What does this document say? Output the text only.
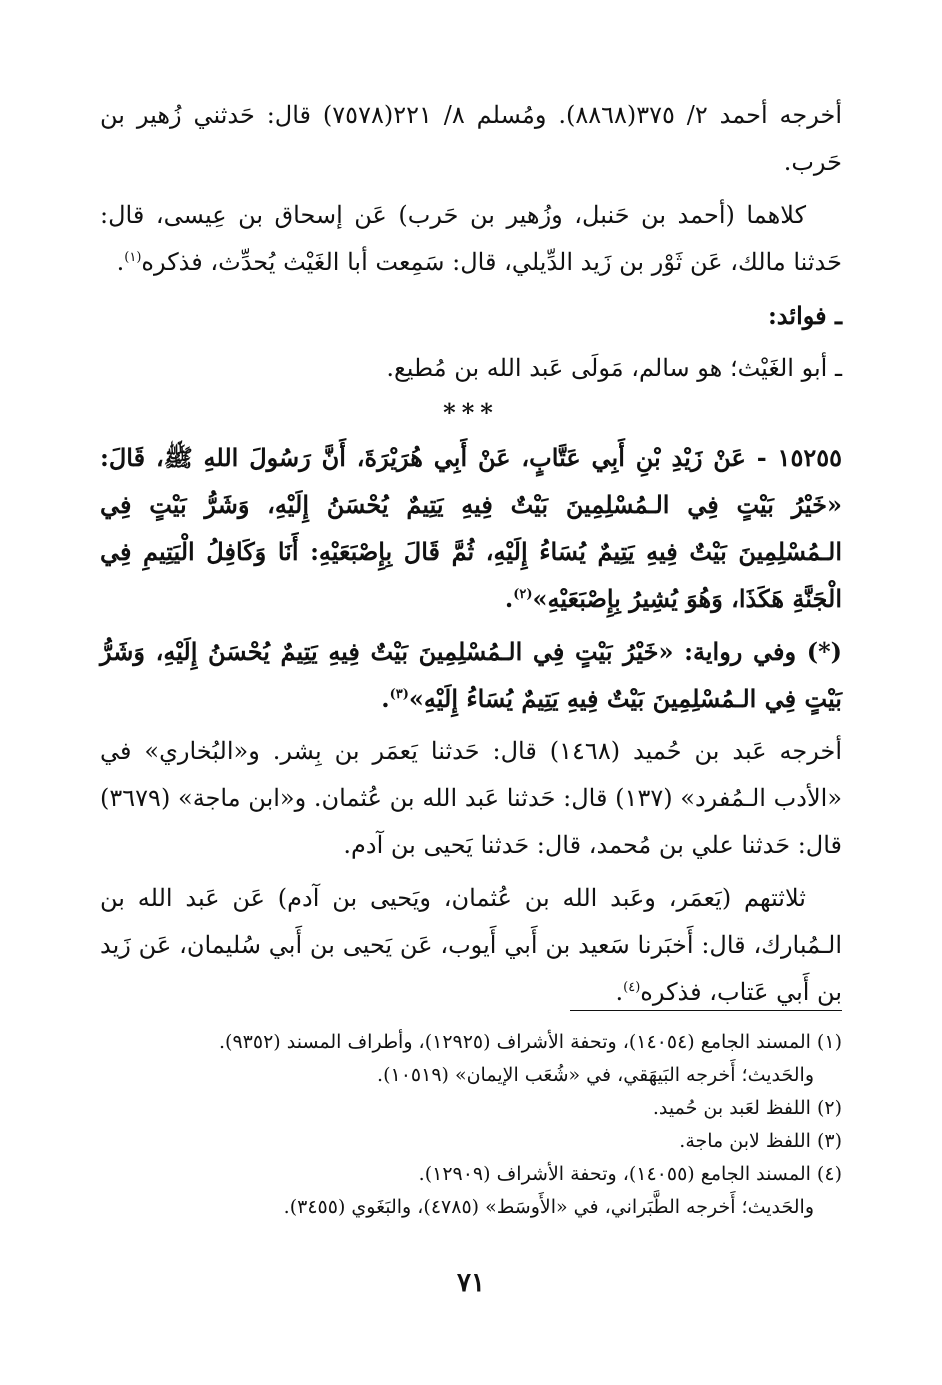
أخرجه أحمد ٢/ ٣٧٥(٨٨٦٨). ومُسلم ٨/ ٢٢١(٧٥٧٨) قال: حَدثني زُهير بن حَرب.

كلاهما (أحمد بن حَنبل، وزُهير بن حَرب) عَن إسحاق بن عِيسى، قال: حَدثنا مالك، عَن ثَوْر بن زَيد الدِّيلي، قال: سَمِعت أبا الغَيْث يُحدِّث، فذكره$^{(١)}$.

ـ فوائد:

ـ أبو الغَيْث؛ هو سالم، مَولَى عَبد الله بن مُطيع.

***

١٥٢٥٥ - عَنْ زَيْدِ بْنِ أَبِي عَتَّابٍ، عَنْ أَبِي هُرَيْرَةَ، أَنَّ رَسُولَ اللهِ ﷺ، قَالَ: «خَيْرُ بَيْتٍ فِي الـمُسْلِمِينَ بَيْتٌ فِيهِ يَتِيمٌ يُحْسَنُ إِلَيْهِ، وَشَرُّ بَيْتٍ فِي الـمُسْلِمِينَ بَيْتٌ فِيهِ يَتِيمٌ يُسَاءُ إِلَيْهِ، ثُمَّ قَالَ بِإِصْبَعَيْهِ: أَنَا وَكَافِلُ الْيَتِيمِ فِي الْجَنَّةِ هَكَذَا، وَهُوَ يُشِيرُ بِإِصْبَعَيْهِ»$^{(٢)}$.

(*) وفي رواية: «خَيْرُ بَيْتٍ فِي الـمُسْلِمِينَ بَيْتٌ فِيهِ يَتِيمٌ يُحْسَنُ إِلَيْهِ، وَشَرُّ بَيْتٍ فِي الـمُسْلِمِينَ بَيْتٌ فِيهِ يَتِيمٌ يُسَاءُ إِلَيْهِ»$^{(٣)}$.

أخرجه عَبد بن حُميد (١٤٦٨) قال: حَدثنا يَعمَر بن بِشر. و«البُخاري» في «الأدب الـمُفرد» (١٣٧) قال: حَدثنا عَبد الله بن عُثمان. و«ابن ماجة» (٣٦٧٩) قال: حَدثنا علي بن مُحمد، قال: حَدثنا يَحيى بن آدم.

ثلاثتهم (يَعمَر، وعَبد الله بن عُثمان، ويَحيى بن آدم) عَن عَبد الله بن الـمُبارك، قال: أَخبَرنا سَعيد بن أَبي أَيوب، عَن يَحيى بن أَبي سُليمان، عَن زَيد بن أَبي عَتاب، فذكره$^{(٤)}$.

(١) المسند الجامع (١٤٠٥٤)، وتحفة الأشراف (١٢٩٢٥)، وأطراف المسند (٩٣٥٢).

والحَديث؛ أَخرجه البَيهَقي، في «شُعَب الإيمان» (١٠٥١٩).

(٢) اللفظ لعَبد بن حُميد.

(٣) اللفظ لابن ماجة.

(٤) المسند الجامع (١٤٠٥٥)، وتحفة الأشراف (١٢٩٠٩).

والحَديث؛ أَخرجه الطَّبَراني، في «الأَوسَط» (٤٧٨٥)، والبَغَوي (٣٤٥٥).

٧١
